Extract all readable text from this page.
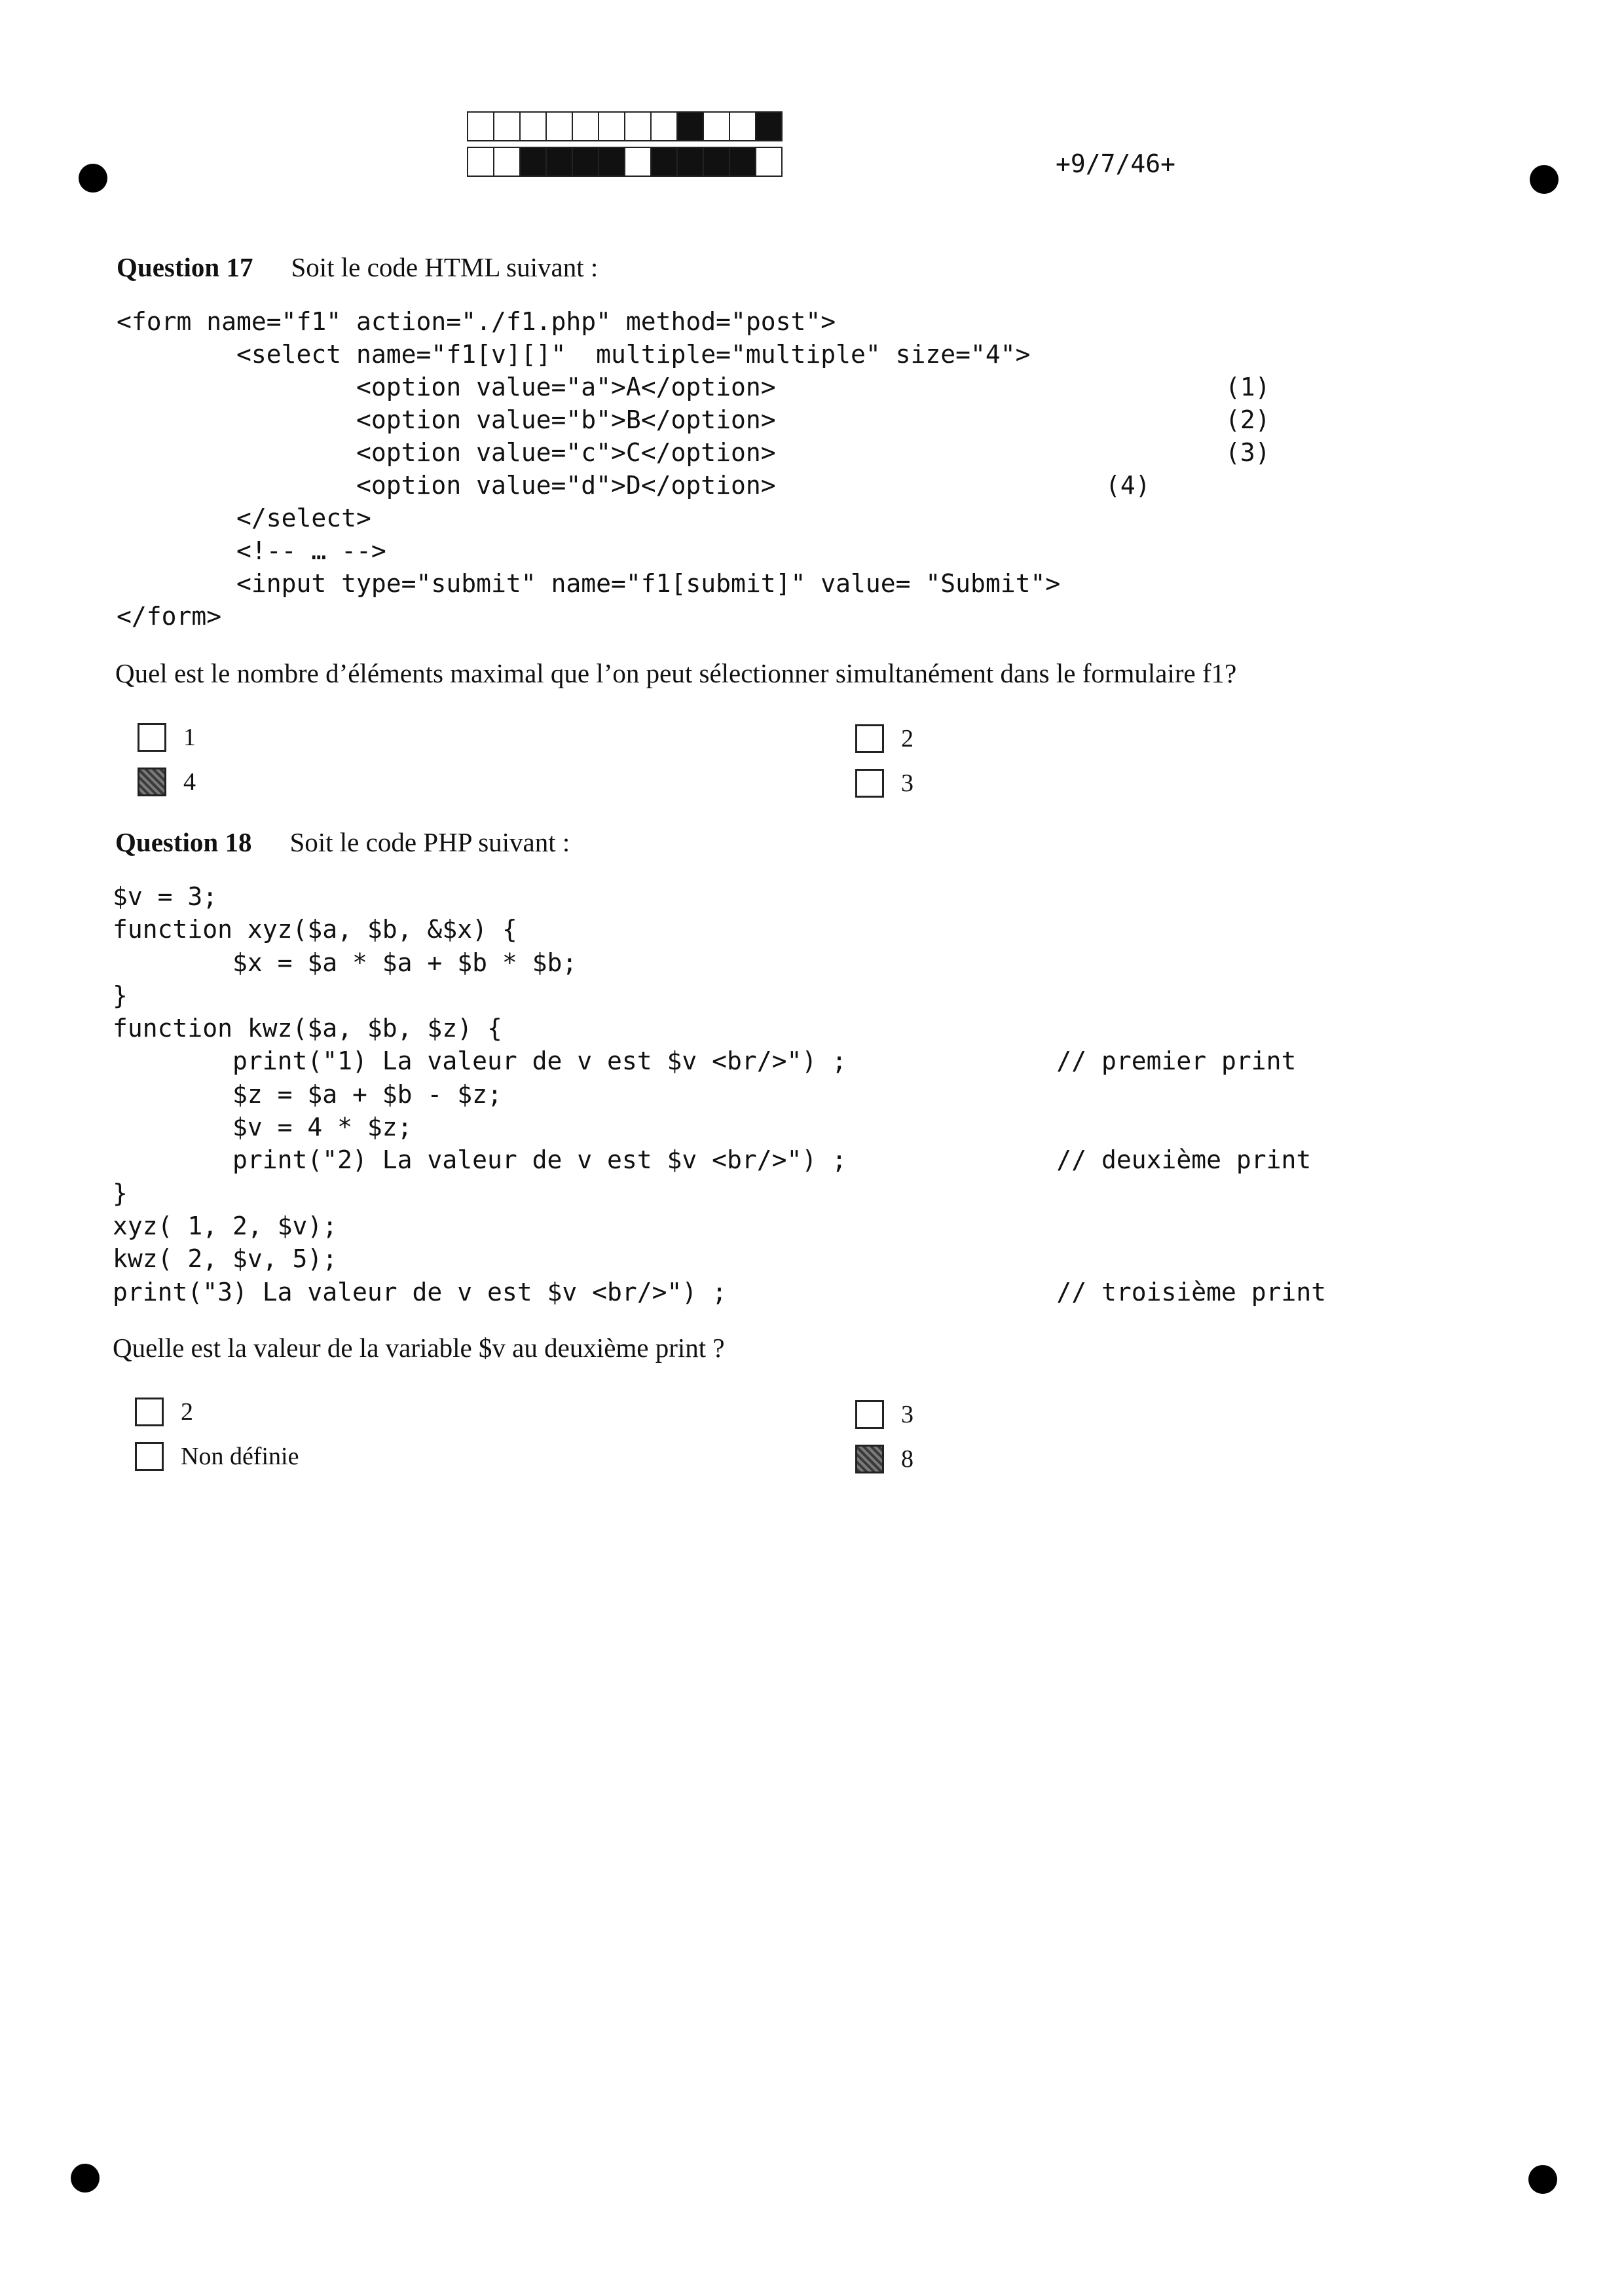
+9/7/46+
Question 17 Soit le code HTML suivant :
<form name="f1" action="./f1.php" method="post">
<select name="f1[v][]"  multiple="multiple" size="4">
<option value="a">A</option>                              (1)
<option value="b">B</option>                              (2)
<option value="c">C</option>                              (3)
<option value="d">D</option>                      (4)
</select>
<!-- … -->
<input type="submit" name="f1[submit]" value= "Submit">
</form>
Quel est le nombre d’éléments maximal que l’on peut sélectionner simultanément dans le formulaire f1?
1	2
4	3
Question 18 Soit le code PHP suivant :
$v = 3;
function xyz($a, $b, &$x) {
$x = $a * $a + $b * $b;
}
function kwz($a, $b, $z) {
print("1) La valeur de v est $v <br/>") ;              // premier print
$z = $a + $b - $z;
$v = 4 * $z;
print("2) La valeur de v est $v <br/>") ;              // deuxième print
}
xyz( 1, 2, $v);
kwz( 2, $v, 5);
print("3) La valeur de v est $v <br/>") ;                      // troisième print
Quelle est la valeur de la variable $v au deuxième print ?
2	3
Non définie	8
